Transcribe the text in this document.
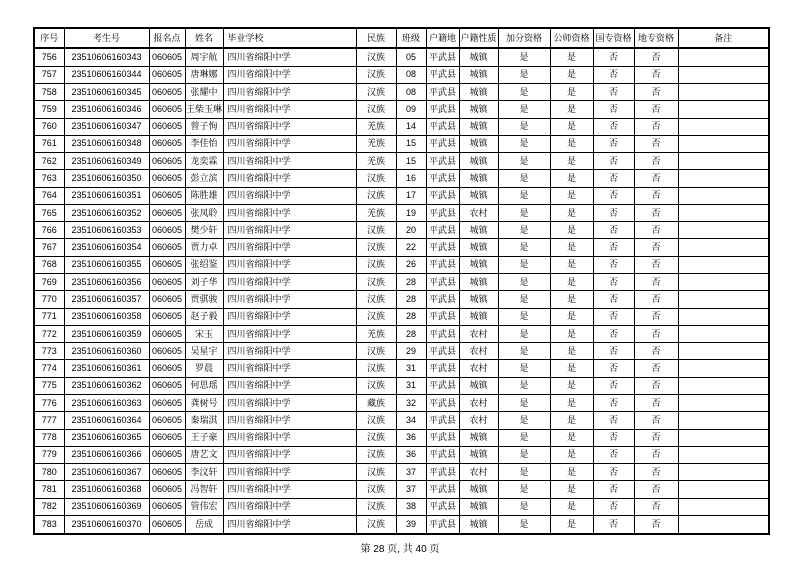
序号	考生号	报名点	姓名	毕业学校	民族	班级	户籍地	户籍性质	加分资格	公师资格	国专资格	地专资格	备注
756	23510606160343	060605	周宇航	四川省绵阳中学	汉族	05	平武县	城镇	是	是	否	否	
757	23510606160344	060605	唐琳娜	四川省绵阳中学	汉族	08	平武县	城镇	是	是	否	否	
758	23510606160345	060605	张耀中	四川省绵阳中学	汉族	08	平武县	城镇	是	是	否	否	
759	23510606160346	060605	王柴玉琳	四川省绵阳中学	汉族	09	平武县	城镇	是	是	否	否	
760	23510606160347	060605	曾子恂	四川省绵阳中学	羌族	14	平武县	城镇	是	是	否	否	
761	23510606160348	060605	李佳怡	四川省绵阳中学	羌族	15	平武县	城镇	是	是	否	否	
762	23510606160349	060605	龙奕霖	四川省绵阳中学	羌族	15	平武县	城镇	是	是	否	否	
763	23510606160350	060605	彭立滨	四川省绵阳中学	汉族	16	平武县	城镇	是	是	否	否	
764	23510606160351	060605	陈胜雄	四川省绵阳中学	汉族	17	平武县	城镇	是	是	否	否	
765	23510606160352	060605	张凤聆	四川省绵阳中学	羌族	19	平武县	农村	是	是	否	否	
766	23510606160353	060605	樊少轩	四川省绵阳中学	汉族	20	平武县	城镇	是	是	否	否	
767	23510606160354	060605	贾力卓	四川省绵阳中学	汉族	22	平武县	城镇	是	是	否	否	
768	23510606160355	060605	张绍鉴	四川省绵阳中学	汉族	26	平武县	城镇	是	是	否	否	
769	23510606160356	060605	刘子华	四川省绵阳中学	汉族	28	平武县	城镇	是	是	否	否	
770	23510606160357	060605	贾骐骏	四川省绵阳中学	汉族	28	平武县	城镇	是	是	否	否	
771	23510606160358	060605	赵子毅	四川省绵阳中学	汉族	28	平武县	城镇	是	是	否	否	
772	23510606160359	060605	宋玉	四川省绵阳中学	羌族	28	平武县	农村	是	是	否	否	
773	23510606160360	060605	吴星宇	四川省绵阳中学	汉族	29	平武县	农村	是	是	否	否	
774	23510606160361	060605	罗晨	四川省绵阳中学	汉族	31	平武县	农村	是	是	否	否	
775	23510606160362	060605	何思瑶	四川省绵阳中学	汉族	31	平武县	城镇	是	是	否	否	
776	23510606160363	060605	龚树号	四川省绵阳中学	藏族	32	平武县	农村	是	是	否	否	
777	23510606160364	060605	秦瑞淇	四川省绵阳中学	汉族	34	平武县	农村	是	是	否	否	
778	23510606160365	060605	王子豪	四川省绵阳中学	汉族	36	平武县	城镇	是	是	否	否	
779	23510606160366	060605	唐艺文	四川省绵阳中学	汉族	36	平武县	城镇	是	是	否	否	
780	23510606160367	060605	李汶轩	四川省绵阳中学	汉族	37	平武县	农村	是	是	否	否	
781	23510606160368	060605	冯智轩	四川省绵阳中学	汉族	37	平武县	城镇	是	是	否	否	
782	23510606160369	060605	管伟宏	四川省绵阳中学	汉族	38	平武县	城镇	是	是	否	否	
783	23510606160370	060605	岳成	四川省绵阳中学	汉族	39	平武县	城镇	是	是	否	否	
第 28 页, 共 40 页
